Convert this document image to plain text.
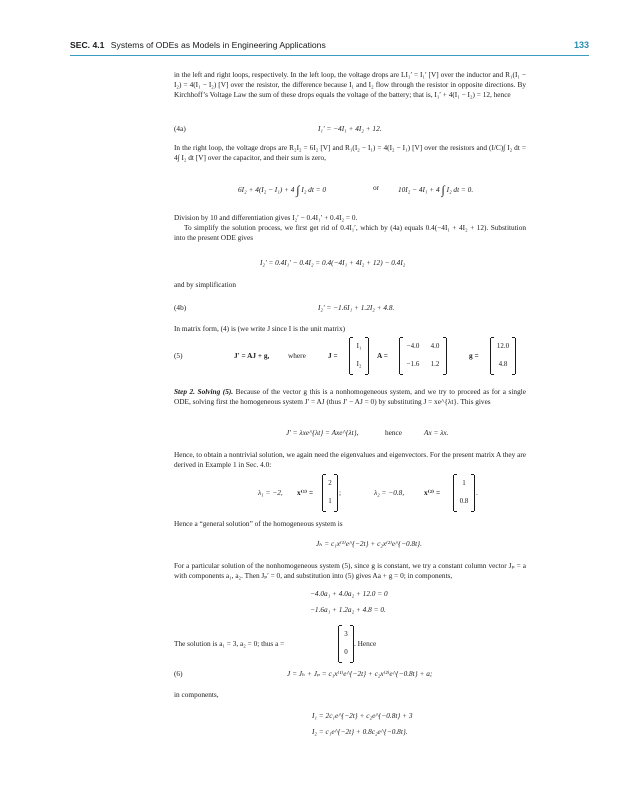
SEC. 4.1 Systems of ODEs as Models in Engineering Applications	133
in the left and right loops, respectively. In the left loop, the voltage drops are LI₁′ = I₁′ [V] over the inductor and R₁(I₁ − I₂) = 4(I₁ − I₂) [V] over the resistor, the difference because I₁ and I₂ flow through the resistor in opposite directions. By Kirchhoff’s Voltage Law the sum of these drops equals the voltage of the battery; that is, I₁′ + 4(I₁ − I₂) = 12, hence
(4a)	I₁′ = −4I₁ + 4I₂ + 12.
In the right loop, the voltage drops are R₂I₂ = 6I₂ [V] and R₁(I₂ − I₁) = 4(I₂ − I₁) [V] over the resistors and (I/C)∫ I₂ dt = 4∫ I₂ dt [V] over the capacitor, and their sum is zero,
6I₂ + 4(I₂ − I₁) + 4 ∫ I₂ dt = 0	or	10I₂ − 4I₁ + 4 ∫ I₂ dt = 0.
Division by 10 and differentiation gives I₂′ − 0.4I₁′ + 0.4I₂ = 0.
To simplify the solution process, we first get rid of 0.4I₁′, which by (4a) equals 0.4(−4I₁ + 4I₂ + 12). Substitution into the present ODE gives
I₂′ = 0.4I₁′ − 0.4I₂ = 0.4(−4I₁ + 4I₂ + 12) − 0.4I₂
and by simplification
(4b)	I₂′ = −1.6I₁ + 1.2I₂ + 4.8.
In matrix form, (4) is (we write J since I is the unit matrix)
(5)	J′ = AJ + g,	where	J =
I₁
I₂
A =
−4.0	4.0
−1.6	1.2
g =
12.0
4.8
Step 2. Solving (5). Because of the vector g this is a nonhomogeneous system, and we try to proceed as for a single ODE, solving first the homogeneous system J′ = AJ (thus J′ − AJ = 0) by substituting J = xe^{λt}. This gives
J′ = λxe^{λt} = Axe^{λt},	hence	Ax = λx.
Hence, to obtain a nontrivial solution, we again need the eigenvalues and eigenvectors. For the present matrix A they are derived in Example 1 in Sec. 4.0:
λ₁ = −2, x⁽¹⁾ =
2
1
;	λ₂ = −0.8,	x⁽²⁾ =
1
0.8
.
Hence a “general solution” of the homogeneous system is
Jₕ = c₁x⁽¹⁾e^{−2t} + c₂x⁽²⁾e^{−0.8t}.
For a particular solution of the nonhomogeneous system (5), since g is constant, we try a constant column vector Jₚ = a with components a₁, a₂. Then Jₚ′ = 0, and substitution into (5) gives Aa + g = 0; in components,
−4.0a₁ + 4.0a₂ + 12.0 = 0
−1.6a₁ + 1.2a₂ + 4.8 = 0.
The solution is a₁ = 3, a₂ = 0; thus a =
3
0
. Hence
(6)	J = Jₕ + Jₚ = c₁x⁽¹⁾e^{−2t} + c₂x⁽²⁾e^{−0.8t} + a;
in components,
I₁ = 2c₁e^{−2t} + c₂e^{−0.8t} + 3
I₂ = c₁e^{−2t} + 0.8c₂e^{−0.8t}.
